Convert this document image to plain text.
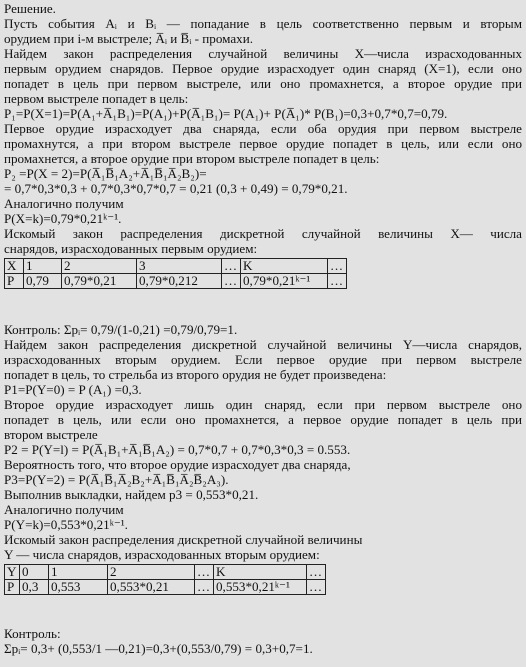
Решение.
Пусть события Aᵢ и Bᵢ — попадание в цель соответственно первым и вторым
орудием при i-м выстреле; A̅ᵢ и B̅ᵢ - промахи.
Найдем закон распределения случайной величины X—числа израсходованных
первым орудием снарядов. Первое орудие израсходует один снаряд (X=1), если оно
попадет в цель при первом выстреле, или оно промахнется, а второе орудие при
первом выстреле попадет в цель:
P₁=P(X=1)=P(A₁+A̅₁B₁)=P(A₁)+P(A̅₁B₁)= P(A₁)+ P(A̅₁)* P(B₁)=0,3+0,7*0,7=0,79.
Первое орудие израсходует два снаряда, если оба орудия при первом выстреле
промахнутся, а при втором выстреле первое орудие попадет в цель, или если оно
промахнется, а второе орудие при втором выстреле попадет в цель:
P₂ =P(X = 2)=P(A̅₁B̅₁A₂+A̅₁B̅₁A̅₂B₂)=
= 0,7*0,3*0,3 + 0,7*0,3*0,7*0,7 = 0,21 (0,3 + 0,49) = 0,79*0,21.
Аналогично получим
P(X=k)=0,79*0,21ᵏ⁻¹.
Искомый закон распределения дискретной случайной величины X— числа
снарядов, израсходованных первым орудием:
X	1	2	3	…	K	…
P	0,79	0,79*0,21	0,79*0,212	…	0,79*0,21ᵏ⁻¹	…
Контроль: Σpᵢ= 0,79/(1-0,21) =0,79/0,79=1.
Найдем закон распределения дискретной случайной величины Y—числа снарядов,
израсходованных вторым орудием. Если первое орудие при первом выстреле
попадет в цель, то стрельба из второго орудия не будет произведена:
P1=P(Y=0) = P (A₁) =0,3.
Второе орудие израсходует лишь один снаряд, если при первом выстреле оно
попадет в цель, или если оно промахнется, а первое орудие попадет в цель при
втором выстреле
P2 = P(Y=l) = P(A̅₁B₁+A̅₁B̅₁A₂) = 0,7*0,7 + 0,7*0,3*0,3 = 0.553.
Вероятность того, что второе орудие израсходует два снаряда,
P3=P(Y=2) = P(A̅₁B̅₁A̅₂B₂+A̅₁B̅₁A̅₂B̅₂A₃).
Выполнив выкладки, найдем p3 = 0,553*0,21.
Аналогично получим
P(Y=k)=0,553*0,21ᵏ⁻¹.
Искомый закон распределения дискретной случайной величины
Y — числа снарядов, израсходованных вторым орудием:
Y	0	1	2	…	K	…
P	0,3	0,553	0,553*0,21	…	0,553*0,21ᵏ⁻¹	…
Контроль:
Σpᵢ= 0,3+ (0,553/1 —0,21)=0,3+(0,553/0,79) = 0,3+0,7=1.
